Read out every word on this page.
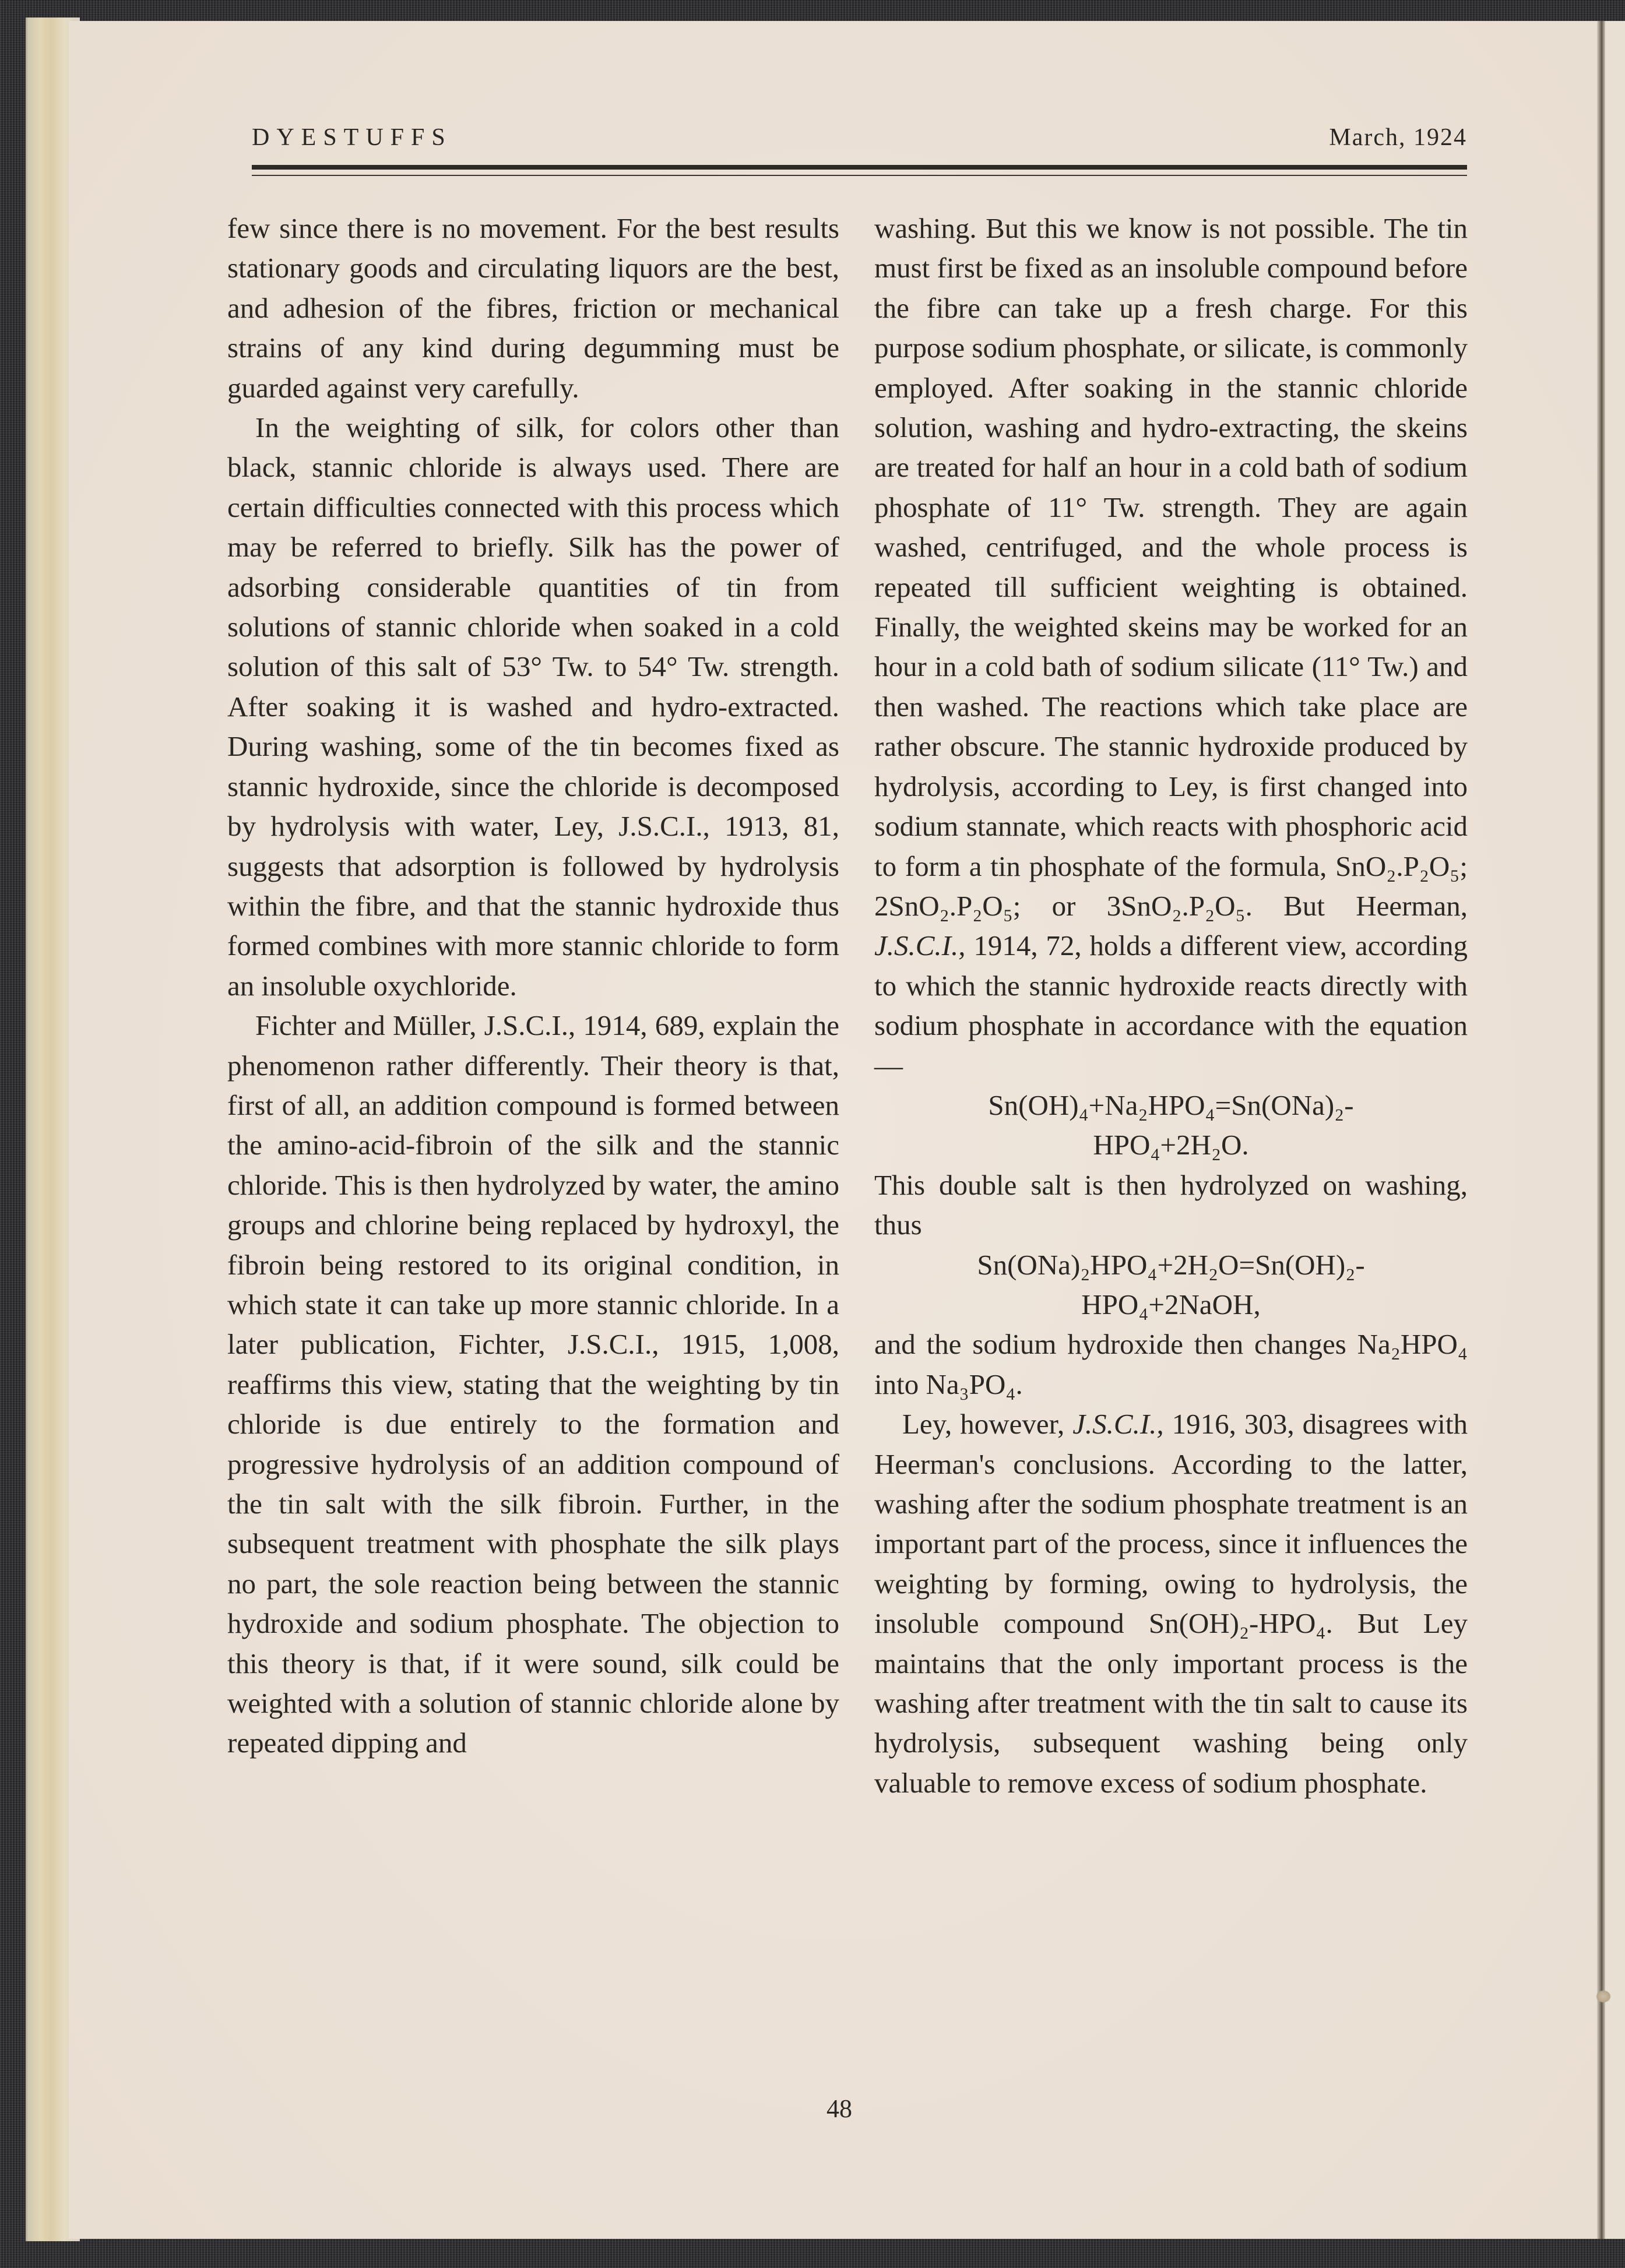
DYESTUFFS	March, 1924

few since there is no movement. For the best results stationary goods and circulating liquors are the best, and adhesion of the fibres, friction or mechanical strains of any kind during degumming must be guarded against very carefully.

In the weighting of silk, for colors other than black, stannic chloride is always used. There are certain difficulties connected with this process which may be referred to briefly. Silk has the power of adsorbing considerable quantities of tin from solutions of stannic chloride when soaked in a cold solution of this salt of 53° Tw. to 54° Tw. strength. After soaking it is washed and hydro-extracted. During washing, some of the tin becomes fixed as stannic hydroxide, since the chloride is decomposed by hydrolysis with water, Ley, J.S.C.I., 1913, 81, suggests that adsorption is followed by hydrolysis within the fibre, and that the stannic hydroxide thus formed combines with more stannic chloride to form an insoluble oxychloride.

Fichter and Müller, J.S.C.I., 1914, 689, explain the phenomenon rather differently. Their theory is that, first of all, an addition compound is formed between the amino-acid-fibroin of the silk and the stannic chloride. This is then hydrolyzed by water, the amino groups and chlorine being replaced by hydroxyl, the fibroin being restored to its original condition, in which state it can take up more stannic chloride. In a later publication, Fichter, J.S.C.I., 1915, 1,008, reaffirms this view, stating that the weighting by tin chloride is due entirely to the formation and progressive hydrolysis of an addition compound of the tin salt with the silk fibroin. Further, in the subsequent treatment with phosphate the silk plays no part, the sole reaction being between the stannic hydroxide and sodium phosphate. The objection to this theory is that, if it were sound, silk could be weighted with a solution of stannic chloride alone by repeated dipping and

washing. But this we know is not possible. The tin must first be fixed as an insoluble compound before the fibre can take up a fresh charge. For this purpose sodium phosphate, or silicate, is commonly employed. After soaking in the stannic chloride solution, washing and hydro-extracting, the skeins are treated for half an hour in a cold bath of sodium phosphate of 11° Tw. strength. They are again washed, centrifuged, and the whole process is repeated till sufficient weighting is obtained. Finally, the weighted skeins may be worked for an hour in a cold bath of sodium silicate (11° Tw.) and then washed. The reactions which take place are rather obscure. The stannic hydroxide produced by hydrolysis, according to Ley, is first changed into sodium stannate, which reacts with phosphoric acid to form a tin phosphate of the formula, SnO₂.P₂O₅; 2SnO₂.P₂O₅; or 3SnO₂.P₂O₅. But Heerman, J.S.C.I., 1914, 72, holds a different view, according to which the stannic hydroxide reacts directly with sodium phosphate in accordance with the equation—

Sn(OH)₄+Na₂HPO₄=Sn(ONa)₂-

HPO₄+2H₂O.

This double salt is then hydrolyzed on washing, thus

Sn(ONa)₂HPO₄+2H₂O=Sn(OH)₂-

HPO₄+2NaOH,

and the sodium hydroxide then changes Na₂HPO₄ into Na₃PO₄.

Ley, however, J.S.C.I., 1916, 303, disagrees with Heerman's conclusions. According to the latter, washing after the sodium phosphate treatment is an important part of the process, since it influences the weighting by forming, owing to hydrolysis, the insoluble compound Sn(OH)₂-HPO₄. But Ley maintains that the only important process is the washing after treatment with the tin salt to cause its hydrolysis, subsequent washing being only valuable to remove excess of sodium phosphate.

48
